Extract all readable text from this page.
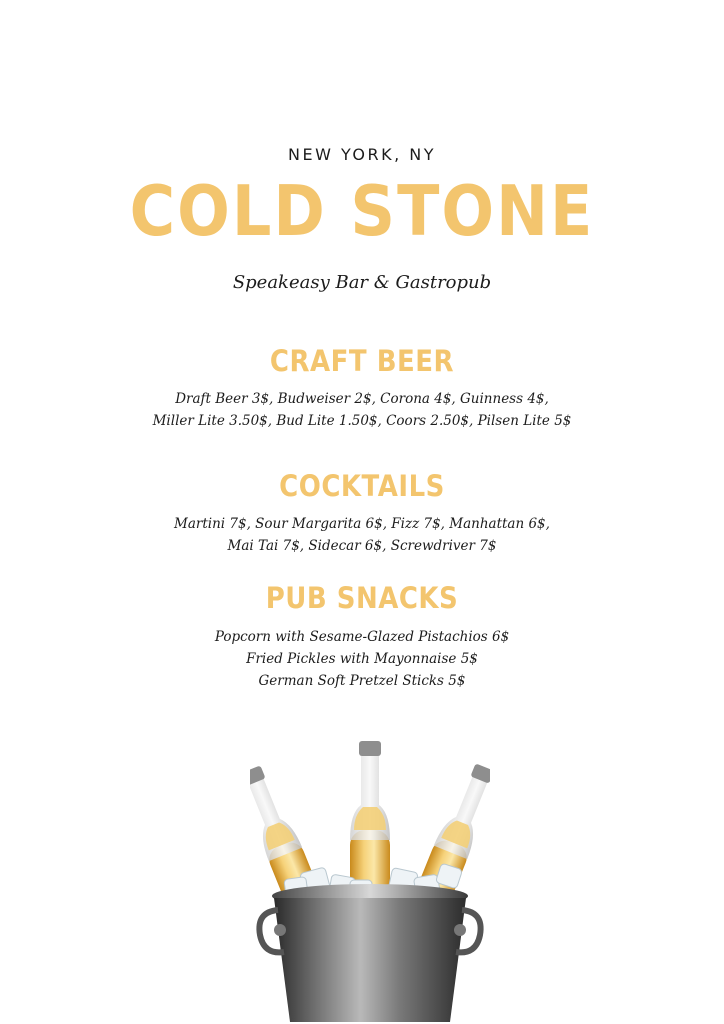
NEW YORK, NY
COLD STONE
Speakeasy Bar & Gastropub
CRAFT BEER
Draft Beer 3$, Budweiser 2$, Corona 4$, Guinness 4$,
Miller Lite 3.50$, Bud Lite 1.50$, Coors 2.50$, Pilsen Lite 5$
COCKTAILS
Martini 7$, Sour Margarita 6$, Fizz 7$, Manhattan 6$,
Mai Tai 7$, Sidecar 6$, Screwdriver 7$
PUB SNACKS
Popcorn with Sesame-Glazed Pistachios 6$
Fried Pickles with Mayonnaise 5$
German Soft Pretzel Sticks 5$
